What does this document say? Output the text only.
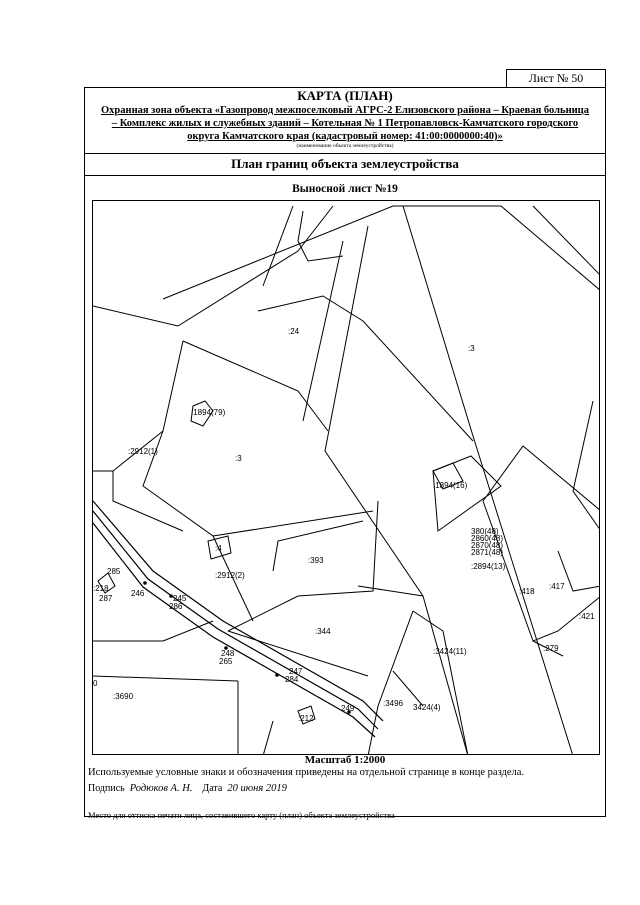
Лист № 50
КАРТА (ПЛАН)
Охранная зона объекта «Газопровод межпоселковый АГРС-2 Елизовского района – Краевая больница – Комплекс жилых и служебных зданий – Котельная № 1 Петропавловск-Камчатского городского округа Камчатского края (кадастровый номер: 41:00:0000000:40)»
(наименование объекта землеустройства)
План границ объекта землеустройства
Выносной лист №19
:24
:3
:3
:1894(79)
:2912(1)
:1894(16)
:4
:2912(2)
:393
:344
:3690
:3496 3424(4)
:3424(11)
:2894(13)
:418
:417
:421
:279
:218
:212
0
285
287
246
245
286
248
265
247
284
249
380(48)
2860(48)
2870(48)
2871(48)
Масштаб 1:2000
Используемые условные знаки и обозначения приведены на отдельной странице в конце раздела.
Подпись Родюков А. Н. Дата 20 июня 2019
Место для оттиска печати лица, составившего карту (план) объекта землеустройства
